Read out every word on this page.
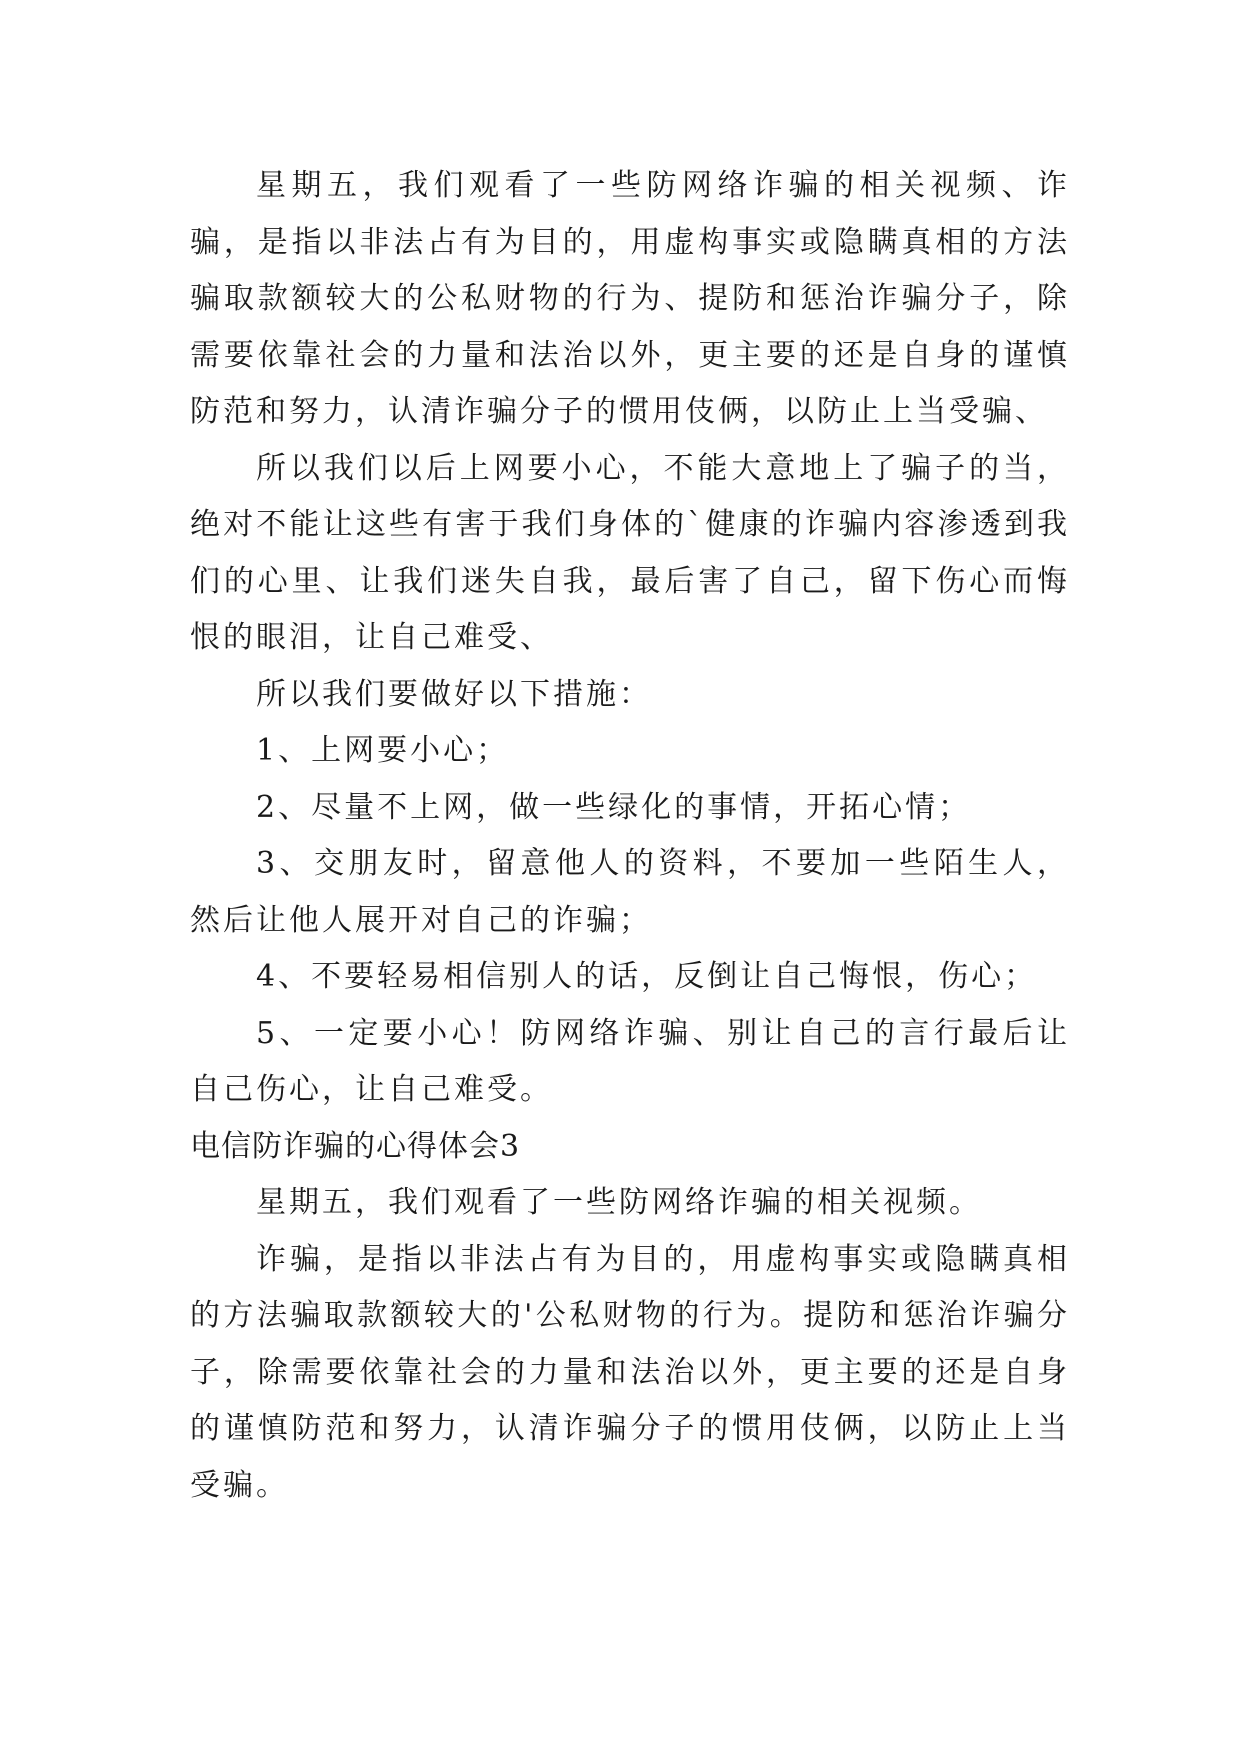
星期五，我们观看了一些防网络诈骗的相关视频、诈骗，是指以非法占有为目的，用虚构事实或隐瞒真相的方法骗取款额较大的公私财物的行为、提防和惩治诈骗分子，除需要依靠社会的力量和法治以外，更主要的还是自身的谨慎防范和努力，认清诈骗分子的惯用伎俩，以防止上当受骗、

所以我们以后上网要小心，不能大意地上了骗子的当，绝对不能让这些有害于我们身体的`健康的诈骗内容渗透到我们的心里、让我们迷失自我，最后害了自己，留下伤心而悔恨的眼泪，让自己难受、

所以我们要做好以下措施：

1、上网要小心；

2、尽量不上网，做一些绿化的事情，开拓心情；

3、交朋友时，留意他人的资料，不要加一些陌生人，然后让他人展开对自己的诈骗；

4、不要轻易相信别人的话，反倒让自己悔恨，伤心；

5、一定要小心！防网络诈骗、别让自己的言行最后让自己伤心，让自己难受。

电信防诈骗的心得体会3

星期五，我们观看了一些防网络诈骗的相关视频。

诈骗，是指以非法占有为目的，用虚构事实或隐瞒真相的方法骗取款额较大的'公私财物的行为。提防和惩治诈骗分子，除需要依靠社会的力量和法治以外，更主要的还是自身的谨慎防范和努力，认清诈骗分子的惯用伎俩，以防止上当受骗。
